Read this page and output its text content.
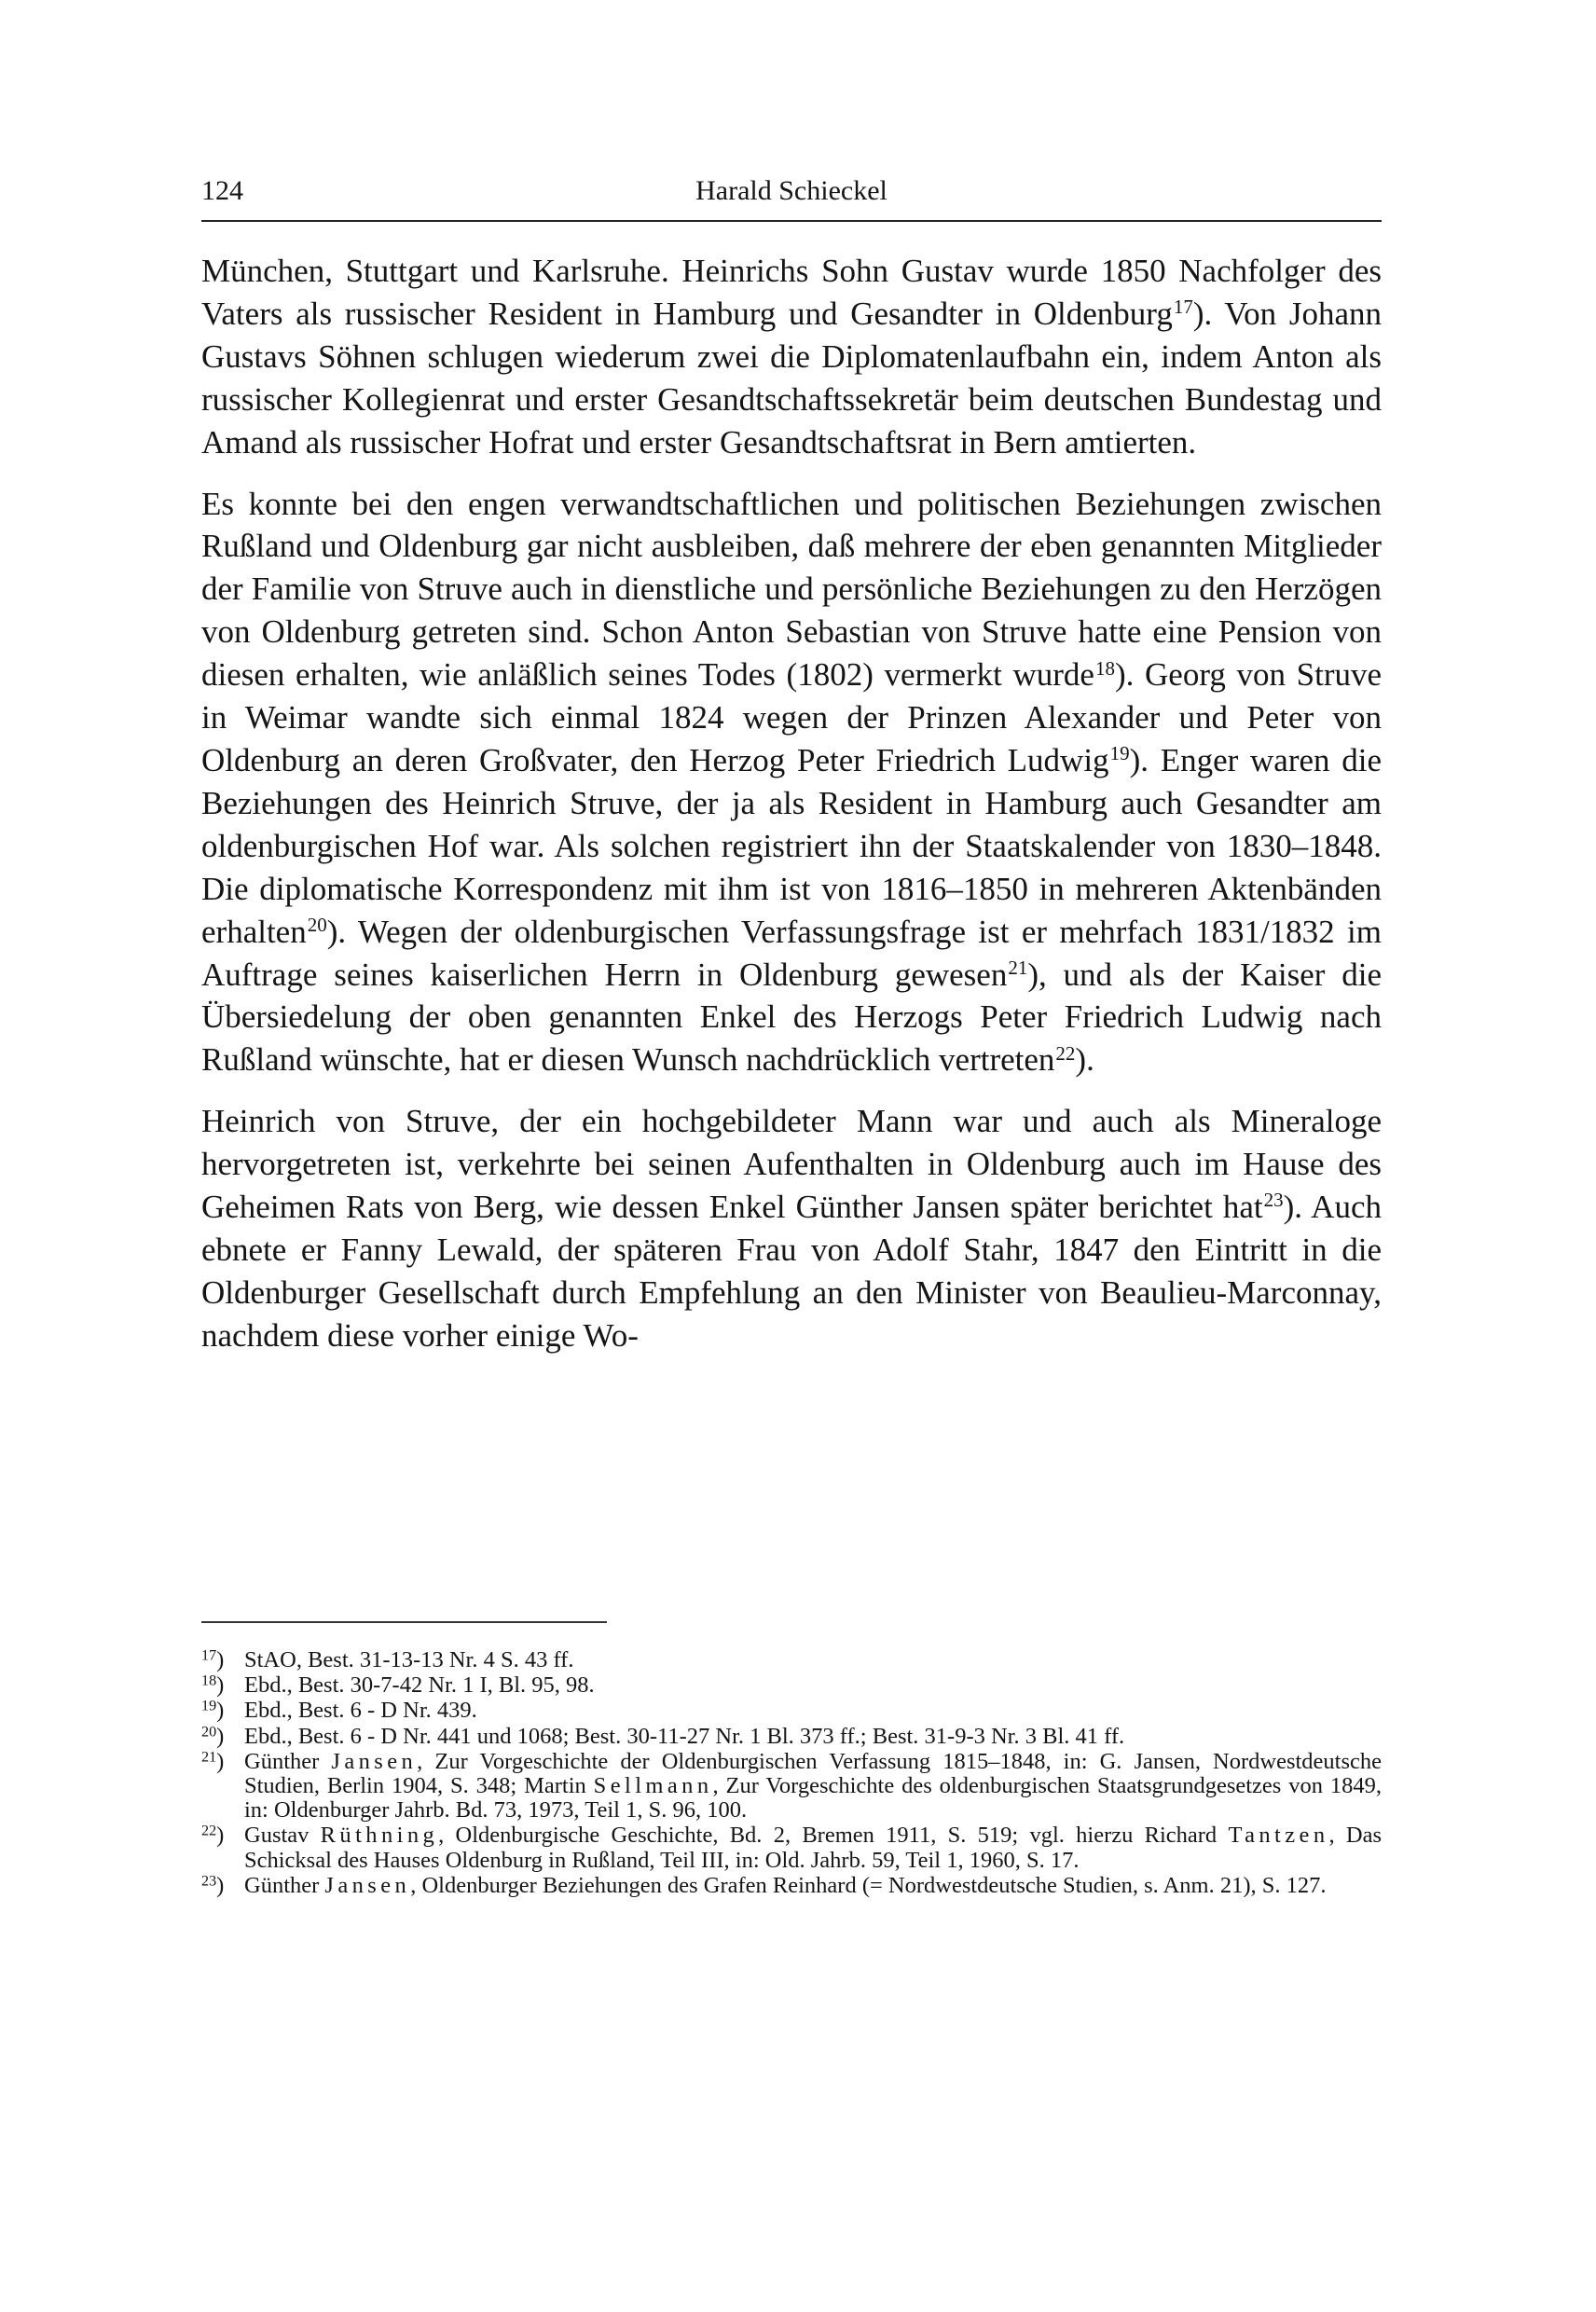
124	Harald Schieckel

München, Stuttgart und Karlsruhe. Heinrichs Sohn Gustav wurde 1850 Nachfolger des Vaters als russischer Resident in Hamburg und Gesandter in Oldenburg$^{17}$). Von Johann Gustavs Söhnen schlugen wiederum zwei die Diplomatenlaufbahn ein, indem Anton als russischer Kollegienrat und erster Gesandtschaftssekretär beim deutschen Bundestag und Amand als russischer Hofrat und erster Gesandtschaftsrat in Bern amtierten.

Es konnte bei den engen verwandtschaftlichen und politischen Beziehungen zwischen Rußland und Oldenburg gar nicht ausbleiben, daß mehrere der eben genannten Mitglieder der Familie von Struve auch in dienstliche und persönliche Beziehungen zu den Herzögen von Oldenburg getreten sind. Schon Anton Sebastian von Struve hatte eine Pension von diesen erhalten, wie anläßlich seines Todes (1802) vermerkt wurde$^{18}$). Georg von Struve in Weimar wandte sich einmal 1824 wegen der Prinzen Alexander und Peter von Oldenburg an deren Großvater, den Herzog Peter Friedrich Ludwig$^{19}$). Enger waren die Beziehungen des Heinrich Struve, der ja als Resident in Hamburg auch Gesandter am oldenburgischen Hof war. Als solchen registriert ihn der Staatskalender von 1830–1848. Die diplomatische Korrespondenz mit ihm ist von 1816–1850 in mehreren Aktenbänden erhalten$^{20}$). Wegen der oldenburgischen Verfassungsfrage ist er mehrfach 1831/1832 im Auftrage seines kaiserlichen Herrn in Oldenburg gewesen$^{21}$), und als der Kaiser die Übersiedelung der oben genannten Enkel des Herzogs Peter Friedrich Ludwig nach Rußland wünschte, hat er diesen Wunsch nachdrücklich vertreten$^{22}$).

Heinrich von Struve, der ein hochgebildeter Mann war und auch als Mineraloge hervorgetreten ist, verkehrte bei seinen Aufenthalten in Oldenburg auch im Hause des Geheimen Rats von Berg, wie dessen Enkel Günther Jansen später berichtet hat$^{23}$). Auch ebnete er Fanny Lewald, der späteren Frau von Adolf Stahr, 1847 den Eintritt in die Oldenburger Gesellschaft durch Empfehlung an den Minister von Beaulieu-Marconnay, nachdem diese vorher einige Wo-

$^{17}$) StAO, Best. 31-13-13 Nr. 4 S. 43 ff.
$^{18}$) Ebd., Best. 30-7-42 Nr. 1 I, Bl. 95, 98.
$^{19}$) Ebd., Best. 6 - D Nr. 439.
$^{20}$) Ebd., Best. 6 - D Nr. 441 und 1068; Best. 30-11-27 Nr. 1 Bl. 373 ff.; Best. 31-9-3 Nr. 3 Bl. 41 ff.
$^{21}$) Günther Jansen, Zur Vorgeschichte der Oldenburgischen Verfassung 1815–1848, in: G. Jansen, Nordwestdeutsche Studien, Berlin 1904, S. 348; Martin Sellmann, Zur Vorgeschichte des oldenburgischen Staatsgrundgesetzes von 1849, in: Oldenburger Jahrb. Bd. 73, 1973, Teil 1, S. 96, 100.
$^{22}$) Gustav Rüthning, Oldenburgische Geschichte, Bd. 2, Bremen 1911, S. 519; vgl. hierzu Richard Tantzen, Das Schicksal des Hauses Oldenburg in Rußland, Teil III, in: Old. Jahrb. 59, Teil 1, 1960, S. 17.
$^{23}$) Günther Jansen, Oldenburger Beziehungen des Grafen Reinhard (= Nordwestdeutsche Studien, s. Anm. 21), S. 127.
